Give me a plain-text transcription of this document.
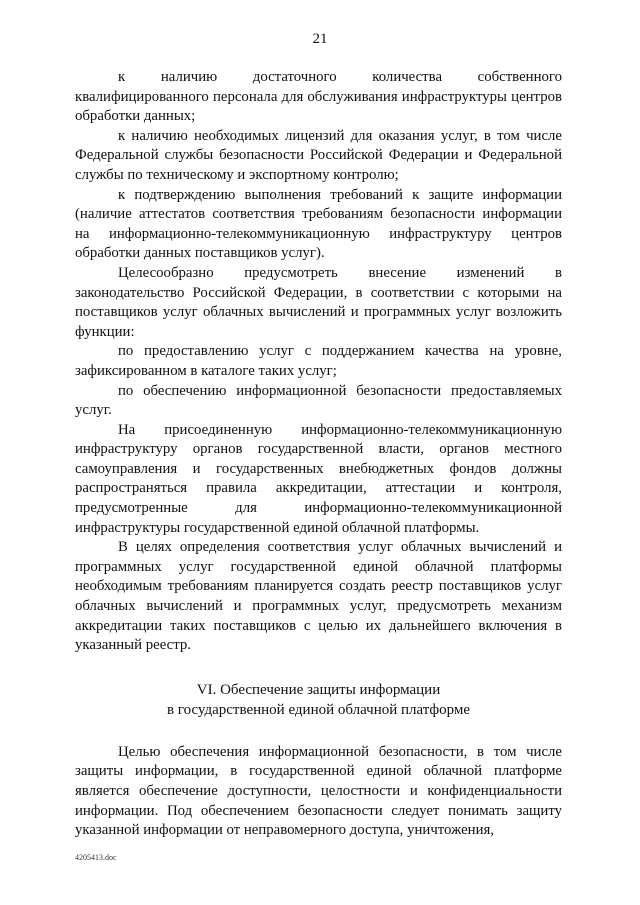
21

к наличию достаточного количества собственного квалифицированного персонала для обслуживания инфраструктуры центров обработки данных;

к наличию необходимых лицензий для оказания услуг, в том числе Федеральной службы безопасности Российской Федерации и Федеральной службы по техническому и экспортному контролю;

к подтверждению выполнения требований к защите информации (наличие аттестатов соответствия требованиям безопасности информации на информационно-телекоммуникационную инфраструктуру центров обработки данных поставщиков услуг).

Целесообразно предусмотреть внесение изменений в законодательство Российской Федерации, в соответствии с которыми на поставщиков услуг облачных вычислений и программных услуг возложить функции:

по предоставлению услуг с поддержанием качества на уровне, зафиксированном в каталоге таких услуг;

по обеспечению информационной безопасности предоставляемых услуг.

На присоединенную информационно-телекоммуникационную инфраструктуру органов государственной власти, органов местного самоуправления и государственных внебюджетных фондов должны распространяться правила аккредитации, аттестации и контроля, предусмотренные для информационно-телекоммуникационной инфраструктуры государственной единой облачной платформы.

В целях определения соответствия услуг облачных вычислений и программных услуг государственной единой облачной платформы необходимым требованиям планируется создать реестр поставщиков услуг облачных вычислений и программных услуг, предусмотреть механизм аккредитации таких поставщиков с целью их дальнейшего включения в указанный реестр.

VI. Обеспечение защиты информации

в государственной единой облачной платформе

Целью обеспечения информационной безопасности, в том числе защиты информации, в государственной единой облачной платформе является обеспечение доступности, целостности и конфиденциальности информации. Под обеспечением безопасности следует понимать защиту указанной информации от неправомерного доступа, уничтожения,

4205413.doc
